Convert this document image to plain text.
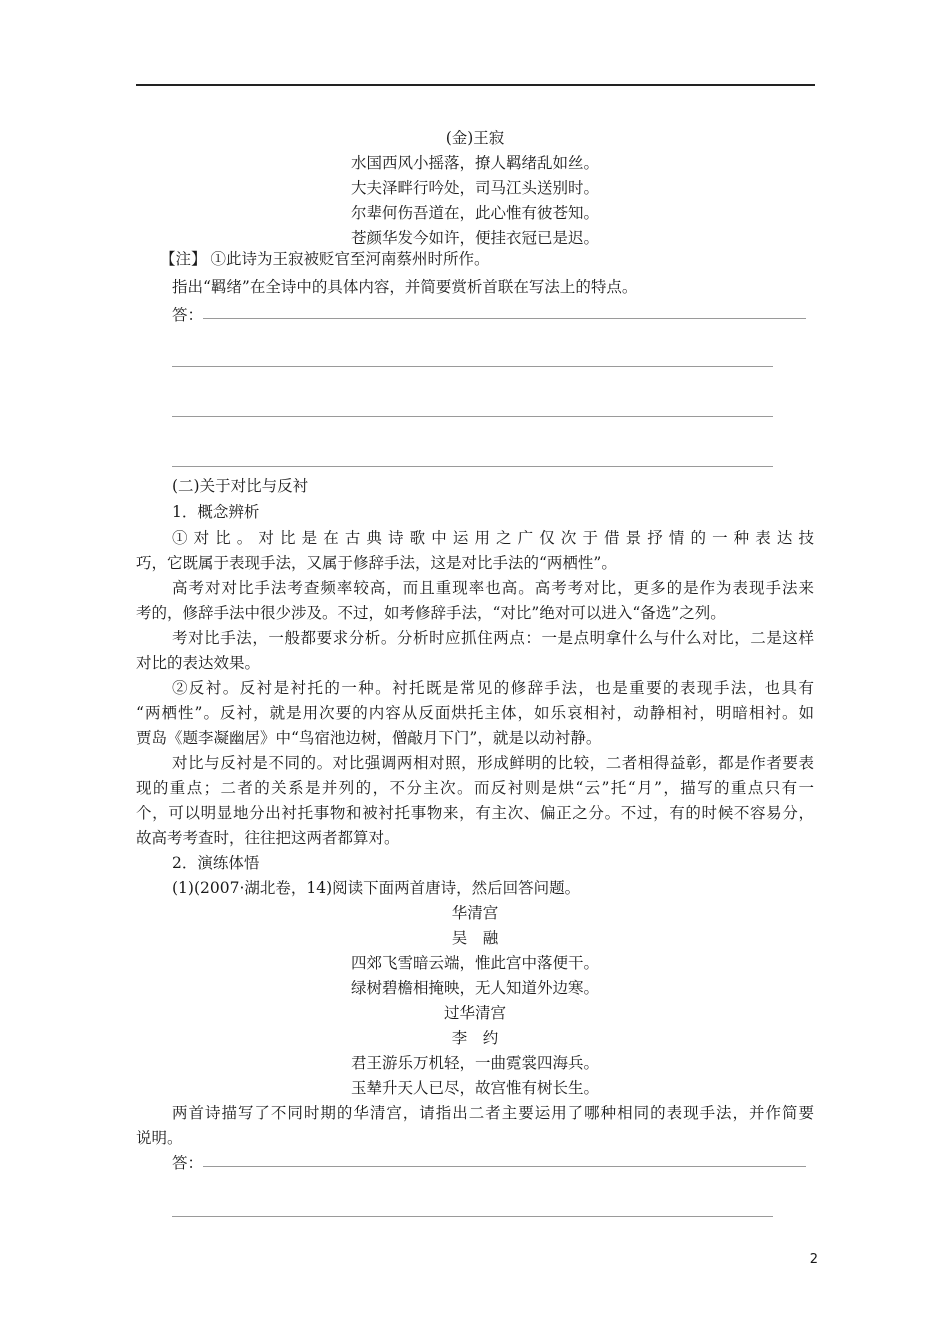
(金)王寂
水国西风小摇落，撩人羁绪乱如丝。
大夫泽畔行吟处，司马江头送别时。
尔辈何伤吾道在，此心惟有彼苍知。
苍颜华发今如许，便挂衣冠已是迟。
【注】 ①此诗为王寂被贬官至河南蔡州时所作。
指出“羁绪”在全诗中的具体内容，并简要赏析首联在写法上的特点。
答：
(二)关于对比与反衬
1．概念辨析
①对比。对比是在古典诗歌中运用之广仅次于借景抒情的一种表达技
巧，它既属于表现手法，又属于修辞手法，这是对比手法的“两栖性”。
高考对对比手法考查频率较高，而且重现率也高。高考考对比，更多的是作为表现手法来
考的，修辞手法中很少涉及。不过，如考修辞手法，“对比”绝对可以进入“备选”之列。
考对比手法，一般都要求分析。分析时应抓住两点：一是点明拿什么与什么对比，二是这样
对比的表达效果。
②反衬。反衬是衬托的一种。衬托既是常见的修辞手法，也是重要的表现手法，也具有
“两栖性”。反衬，就是用次要的内容从反面烘托主体，如乐哀相衬，动静相衬，明暗相衬。如
贾岛《题李凝幽居》中“鸟宿池边树，僧敲月下门”，就是以动衬静。
对比与反衬是不同的。对比强调两相对照，形成鲜明的比较，二者相得益彰，都是作者要表
现的重点；二者的关系是并列的，不分主次。而反衬则是烘“云”托“月”，描写的重点只有一
个，可以明显地分出衬托事物和被衬托事物来，有主次、偏正之分。不过，有的时候不容易分，
故高考考查时，往往把这两者都算对。
2．演练体悟
(1)(2007·湖北卷，14)阅读下面两首唐诗，然后回答问题。
华清宫
吴　融
四郊飞雪暗云端，惟此宫中落便干。
绿树碧檐相掩映，无人知道外边寒。
过华清宫
李　约
君王游乐万机轻，一曲霓裳四海兵。
玉辇升天人已尽，故宫惟有树长生。
两首诗描写了不同时期的华清宫，请指出二者主要运用了哪种相同的表现手法，并作简要
说明。
答：
2
